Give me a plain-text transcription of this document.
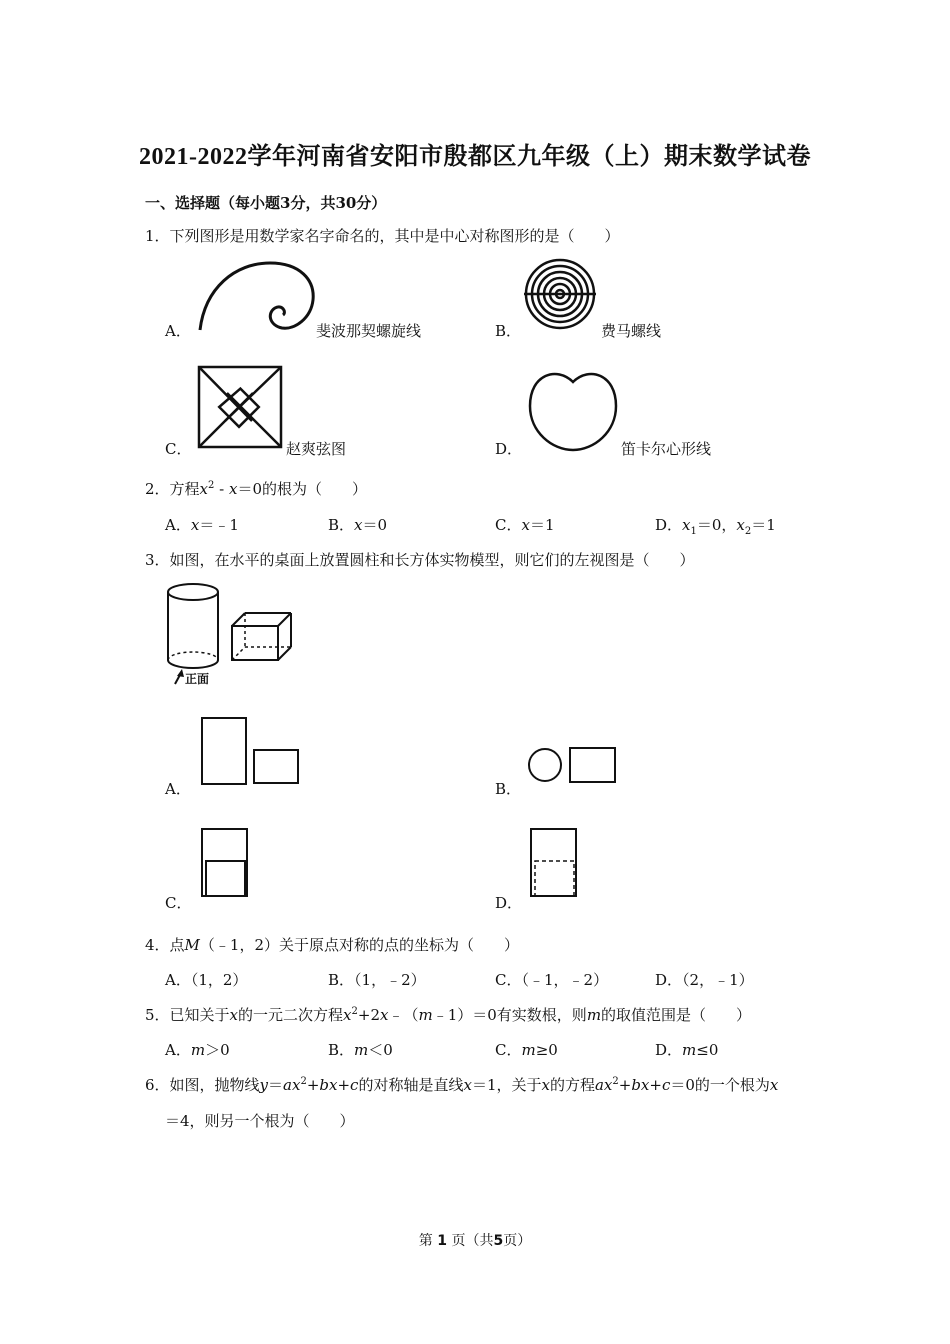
2021-2022学年河南省安阳市殷都区九年级（上）期末数学试卷
一、选择题（每小题3分，共30分）
1．下列图形是用数学家名字命名的，其中是中心对称图形的是（　　）
A．	斐波那契螺旋线	B．	费马螺线
C．	赵爽弦图	D．	笛卡尔心形线
2．方程$x^2 - x=0$的根为（　　）
A．x＝﹣1	B．x＝0	C．x＝1	D．$x_1=0$，$x_2=1$
3．如图，在水平的桌面上放置圆柱和长方体实物模型，则它们的左视图是（　　）
正面
A．	B．
C．	D．
4．点M（﹣1，2）关于原点对称的点的坐标为（　　）
A．（1，2）	B．（1，﹣2）	C．（﹣1，﹣2）	D．（2，﹣1）
5．已知关于x的一元二次方程$x^2+2x﹣(m﹣1)=0$有实数根，则m的取值范围是（　　）
A．m＞0	B．m＜0	C．m≥0	D．m≤0
6．如图，抛物线$y=ax^2+bx+c$的对称轴是直线x＝1，关于x的方程$ax^2+bx+c=0$的一个根为x
＝4，则另一个根为（　　）
第 1 页（共5页）
